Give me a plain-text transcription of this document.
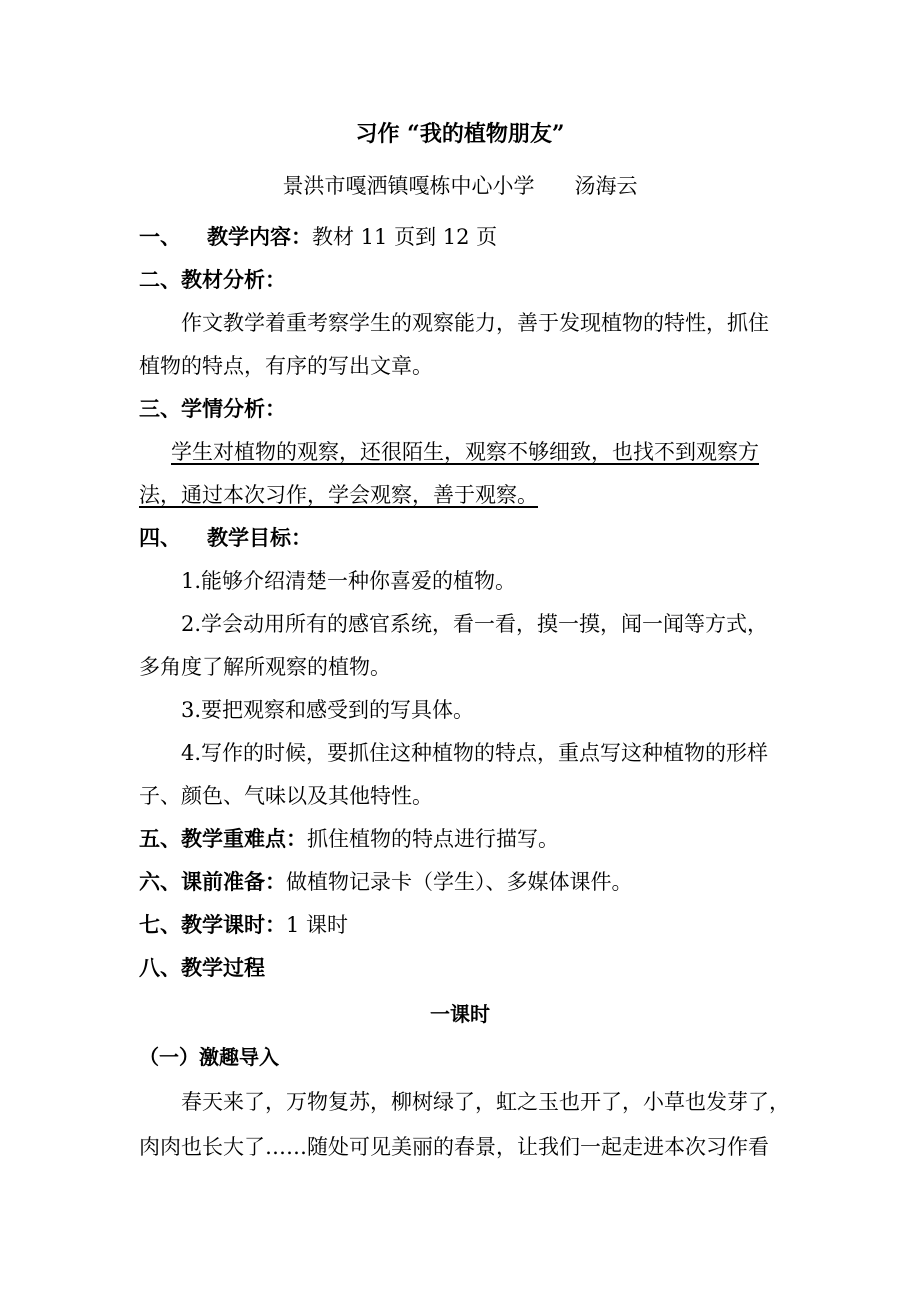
习作 “我的植物朋友”
景洪市嘎洒镇嘎栋中心小学 汤海云
一、 教学内容：教材 11 页到 12 页
二、教材分析：
作文教学着重考察学生的观察能力，善于发现植物的特性，抓住
植物的特点，有序的写出文章。
三、学情分析：
学生对植物的观察，还很陌生，观察不够细致，也找不到观察方
法，通过本次习作，学会观察，善于观察。
四、 教学目标：
1.能够介绍清楚一种你喜爱的植物。
2.学会动用所有的感官系统，看一看，摸一摸，闻一闻等方式，
多角度了解所观察的植物。
3.要把观察和感受到的写具体。
4.写作的时候，要抓住这种植物的特点，重点写这种植物的形样
子、颜色、气味以及其他特性。
五、教学重难点：抓住植物的特点进行描写。
六、课前准备：做植物记录卡（学生）、多媒体课件。
七、教学课时：1 课时
八、教学过程
一课时
（一）激趣导入
春天来了，万物复苏，柳树绿了，虹之玉也开了，小草也发芽了，
肉肉也长大了……随处可见美丽的春景，让我们一起走进本次习作看
